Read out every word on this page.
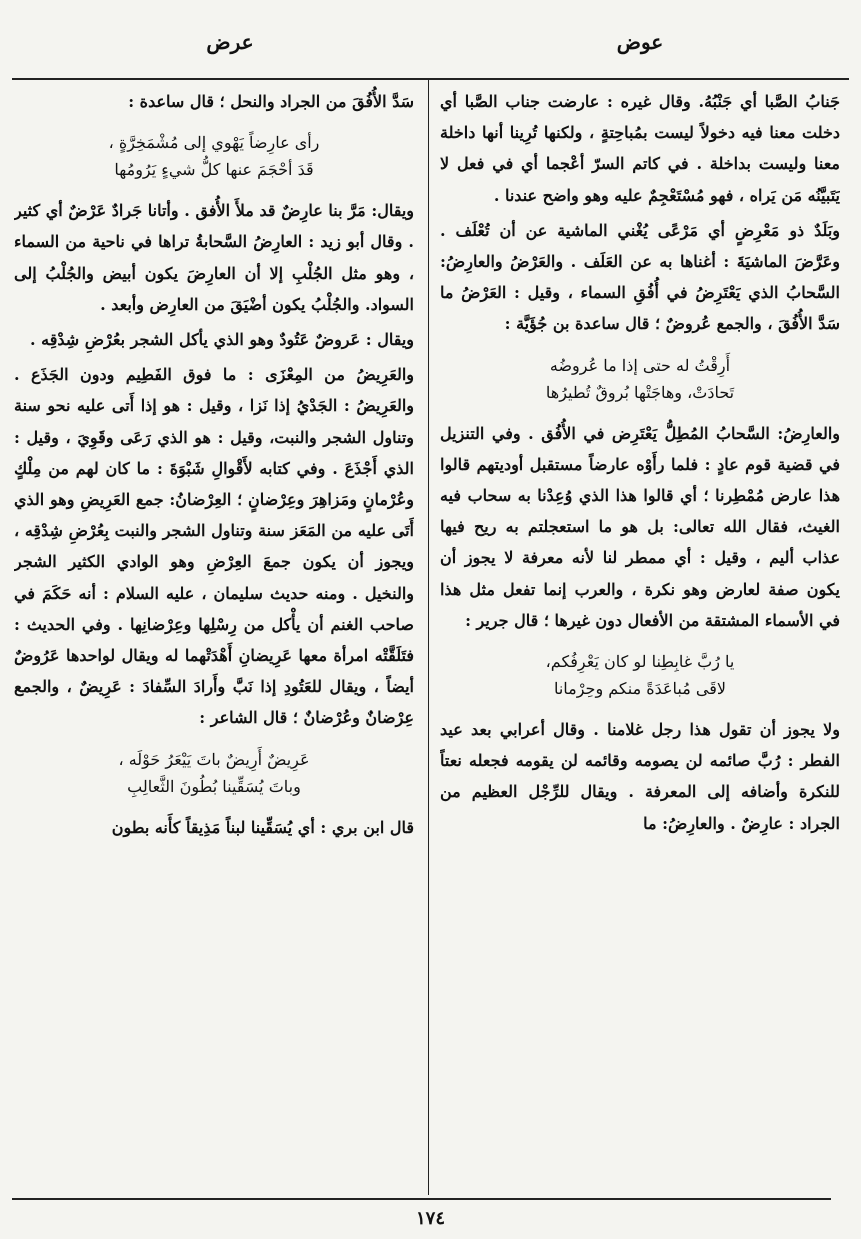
عوض
عرض

جَنابُ الصَّبا أي جَنْبُهُ. وقال غيره : عارضت جناب الصَّبا أي دخلت معنا فيه دخولاً ليست بمُباحِتةٍ ، ولكنها تُرِينا أنها داخلة معنا وليست بداخلة . في كاتم السرّ أعْجما أي في فعل لا يَتَبيَّنُه مَن يَراه ، فهو مُسْتَعْجِمٌ عليه وهو واضح عندنا .

وبَلَدٌ ذو مَعْرِضٍ أي مَرْعًى يُغْني الماشية عن أن تُعْلَف . وعَرَّضَ الماشيَةَ : أغناها به عن العَلَف . والعَرْضُ والعارِضُ: السَّحابُ الذي يَعْتَرِضُ في أُفُقِ السماء ، وقيل : العَرْضُ ما سَدَّ الأُفُقَ ، والجمع عُروضٌ ؛ قال ساعدة بن جُؤَيَّة :

أَرِقْتُ له حتى إذا ما عُروضُه
تَحادَتْ، وهاجَتْها بُروقٌ تُطيرُها

والعارِضُ: السَّحابُ المُطِلُّ يَعْتَرِض في الأُفُق . وفي التنزيل في قضية قوم عادٍ : فلما رأَوْه عارضاً مستقبل أوديتهم قالوا هذا عارض مُمْطِرنا ؛ أي قالوا هذا الذي وُعِدْنا به سحاب فيه الغيث، فقال الله تعالى: بل هو ما استعجلتم به ريح فيها عذاب أليم ، وقيل : أي ممطر لنا لأنه معرفة لا يجوز أن يكون صفة لعارض وهو نكرة ، والعرب إنما تفعل مثل هذا في الأسماء المشتقة من الأفعال دون غيرها ؛ قال جرير :

يا رُبَّ غابِطِنا لو كان يَعْرِفُكم،
لاقَى مُباعَدَةً منكم وحِرْمانا

ولا يجوز أن تقول هذا رجل غلامنا . وقال أعرابي بعد عيد الفطر : رُبَّ صائمه لن يصومه وقائمه لن يقومه فجعله نعتاً للنكرة وأضافه إلى المعرفة . ويقال للرِّجْل العظيم من الجراد : عارِضٌ . والعارِضُ: ما

سَدَّ الأُفُقَ من الجراد والنحل ؛ قال ساعدة :

رأى عارِضاً يَهْوي إلى مُشْمَخِرَّةٍ ،
قَدَ أحْجَمَ عنها كلُّ شيءٍ يَرُومُها

ويقال: مَرَّ بنا عارِضٌ قد ملأَ الأُفق . وأتانا جَرادٌ عَرْضٌ أي كثير . وقال أبو زيد : العارِضُ السَّحابةُ تراها في ناحية من السماء ، وهو مثل الجُلْبِ إلا أن العارِضَ يكون أبيض والجُلْبُ إلى السواد. والجُلْبُ يكون أضْيَقَ من العارِض وأبعد .

ويقال : عَروضٌ عَتُودٌ وهو الذي يأكل الشجر بعُرْضِ شِدْقِه .

والعَرِيضُ من المِعْزَى : ما فوق الفَطِيم ودون الجَذَع . والعَرِيضُ : الجَدْيُ إذا نَزا ، وقيل : هو إذا أَتى عليه نحو سنة وتناول الشجر والنبت، وقيل : هو الذي رَعَى وقَوِيَ ، وقيل : الذي أَجْذَعَ . وفي كتابه لأَقْوالِ شَبْوَةَ : ما كان لهم من مِلْكٍ وعُرْمانٍ ومَزاهِرَ وعِرْضانٍ ؛ العِرْضانُ: جمع العَرِيضِ وهو الذي أَتَى عليه من المَعَز سنة وتناول الشجر والنبت بِعُرْضِ شِدْقِه ، ويجوز أن يكون جمعَ العِرْضِ وهو الوادي الكثير الشجر والنخيل . ومنه حديث سليمان ، عليه السلام : أنه حَكَمَ في صاحب الغنم أن يأْكل من رِسْلِها وعِرْضانِها . وفي الحديث : فتَلَقَّتْه امرأة معها عَرِيضانِ أَهْدَتْهما له ويقال لواحدها عَرُوضٌ أيضاً ، ويقال للعَتُودِ إذا نَبَّ وأَرادَ السِّفادَ : عَرِيضٌ ، والجمع عِرْضانٌ وعُرْضانٌ ؛ قال الشاعر :

عَرِيضٌ أَرِيضٌ باتَ يَيْعَرُ حَوْلَه ،
وباتَ يُسَقِّينا بُطُونَ الثَّعالِبِ

قال ابن بري : أي يُسَقِّينا لبناً مَذِيقاً كأَنه بطون

١٧٤
